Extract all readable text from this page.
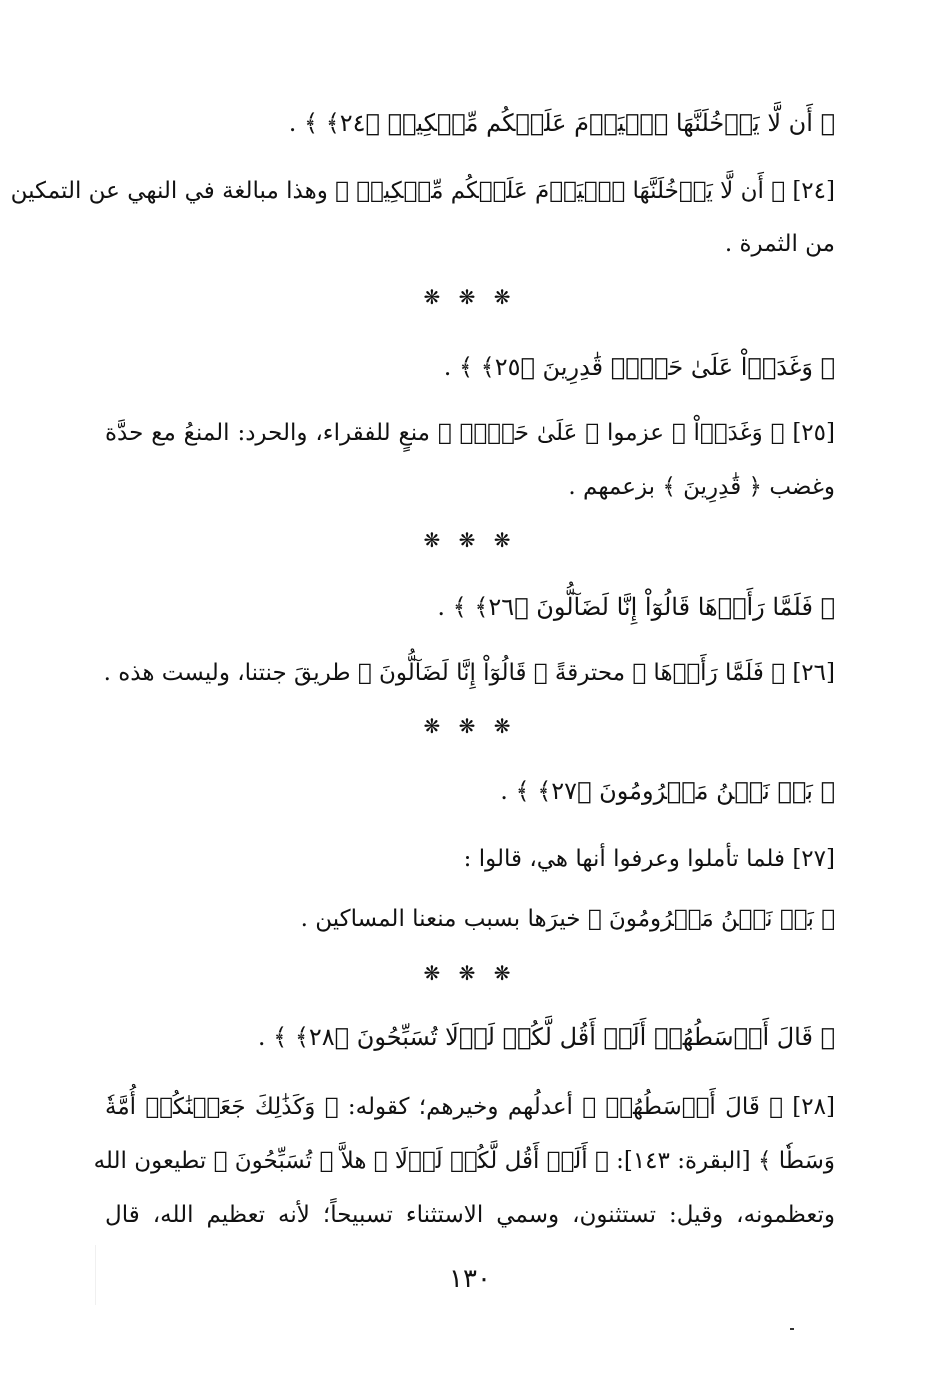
﴿ أَن لَّا يَدۡخُلَنَّهَا ٱلۡيَوۡمَ عَلَيۡكُم مِّسۡكِينٞ ﴿٢٤﴾ ﴾ .
[٢٤] ﴿ أَن لَّا يَدۡخُلَنَّهَا ٱلۡيَوۡمَ عَلَيۡكُم مِّسۡكِينٞ ﴾ وهذا مبالغة في النهي عن التمكين
من الثمرة .
❋ ❋ ❋
﴿ وَغَدَوۡاْ عَلَىٰ حَرۡدٖ قَٰدِرِينَ ﴿٢٥﴾ ﴾ .
[٢٥] ﴿ وَغَدَوۡاْ ﴾ عزموا ﴿ عَلَىٰ حَرۡدٖ ﴾ منعٍ للفقراء، والحرد: المنعُ مع حدَّة
وغضب ﴿ قَٰدِرِينَ ﴾ بزعمهم .
❋ ❋ ❋
﴿ فَلَمَّا رَأَوۡهَا قَالُوٓاْ إِنَّا لَضَآلُّونَ ﴿٢٦﴾ ﴾ .
[٢٦] ﴿ فَلَمَّا رَأَوۡهَا ﴾ محترقةً ﴿ قَالُوٓاْ إِنَّا لَضَآلُّونَ ﴾ طريقَ جنتنا، وليست هذه .
❋ ❋ ❋
﴿ بَلۡ نَحۡنُ مَحۡرُومُونَ ﴿٢٧﴾ ﴾ .
[٢٧] فلما تأملوا وعرفوا أنها هي، قالوا :
﴿ بَلۡ نَحۡنُ مَحۡرُومُونَ ﴾ خيرَها بسبب منعنا المساكين .
❋ ❋ ❋
﴿ قَالَ أَوۡسَطُهُمۡ أَلَمۡ أَقُل لَّكُمۡ لَوۡلَا تُسَبِّحُونَ ﴿٢٨﴾ ﴾ .
[٢٨] ﴿ قَالَ أَوۡسَطُهُمۡ ﴾ أعدلُهم وخيرهم؛ كقوله: ﴿ وَكَذَٰلِكَ جَعَلۡنَٰكُمۡ أُمَّةٗ
وَسَطٗا ﴾ [البقرة: ١٤٣]: ﴿ أَلَمۡ أَقُل لَّكُمۡ لَوۡلَا ﴾ هلاَّ ﴿ تُسَبِّحُونَ ﴾ تطيعون الله
وتعظمونه، وقيل: تستثنون، وسمي الاستثناء تسبيحاً؛ لأنه تعظيم الله، قال
١٣٠
